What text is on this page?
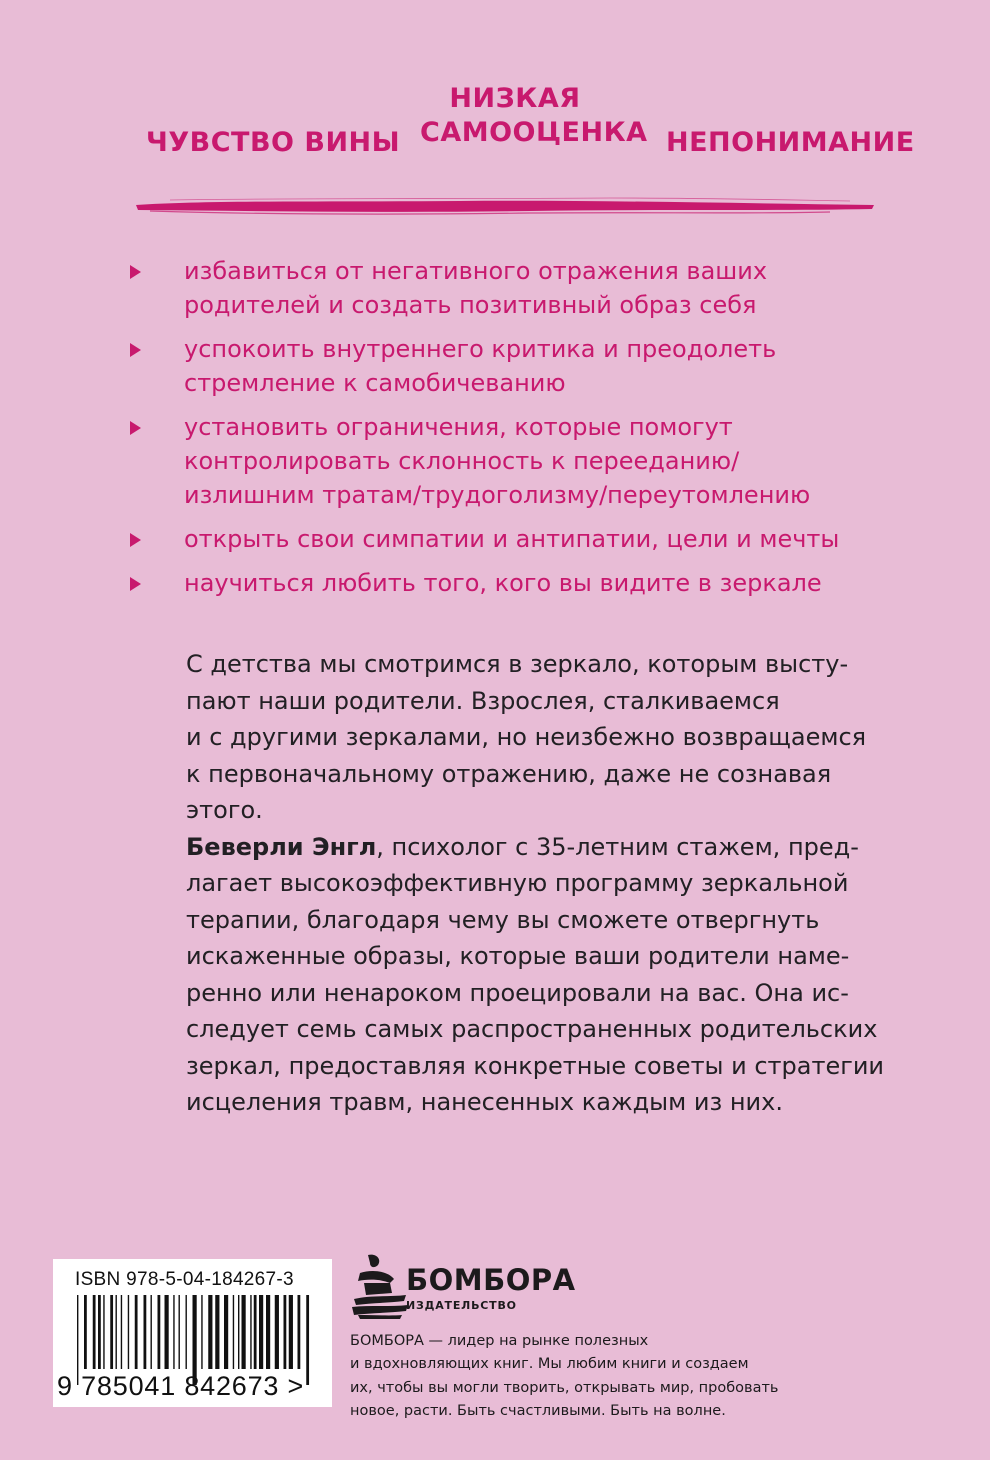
ЧУВСТВО ВИНЫ
НИЗКАЯ
САМООЦЕНКА НЕПОНИМАНИЕ
избавиться от негативного отражения ваших
родителей и создать позитивный образ себя
успокоить внутреннего критика и преодолеть
стремление к самобичеванию
установить ограничения, которые помогут
контролировать склонность к перееданию/
излишним тратам/трудоголизму/переутомлению
открыть свои симпатии и антипатии, цели и мечты
научиться любить того, кого вы видите в зеркале
С детства мы смотримся в зеркало, которым высту-
пают наши родители. Взрослея, сталкиваемся
и с другими зеркалами, но неизбежно возвращаемся
к первоначальному отражению, даже не сознавая
этого.
Беверли Энгл, психолог с 35-летним стажем, пред-
лагает высокоэффективную программу зеркальной
терапии, благодаря чему вы сможете отвергнуть
искаженные образы, которые ваши родители наме-
ренно или ненароком проецировали на вас. Она ис-
следует семь самых распространенных родительских
зеркал, предоставляя конкретные советы и стратегии
исцеления травм, нанесенных каждым из них.
ISBN 978-5-04-184267-3
9 785041 842673 >
БОМБОРА
ИЗДАТЕЛЬСТВО
БОМБОРА — лидер на рынке полезных
и вдохновляющих книг. Мы любим книги и создаем
их, чтобы вы могли творить, открывать мир, пробовать
новое, расти. Быть счастливыми. Быть на волне.
